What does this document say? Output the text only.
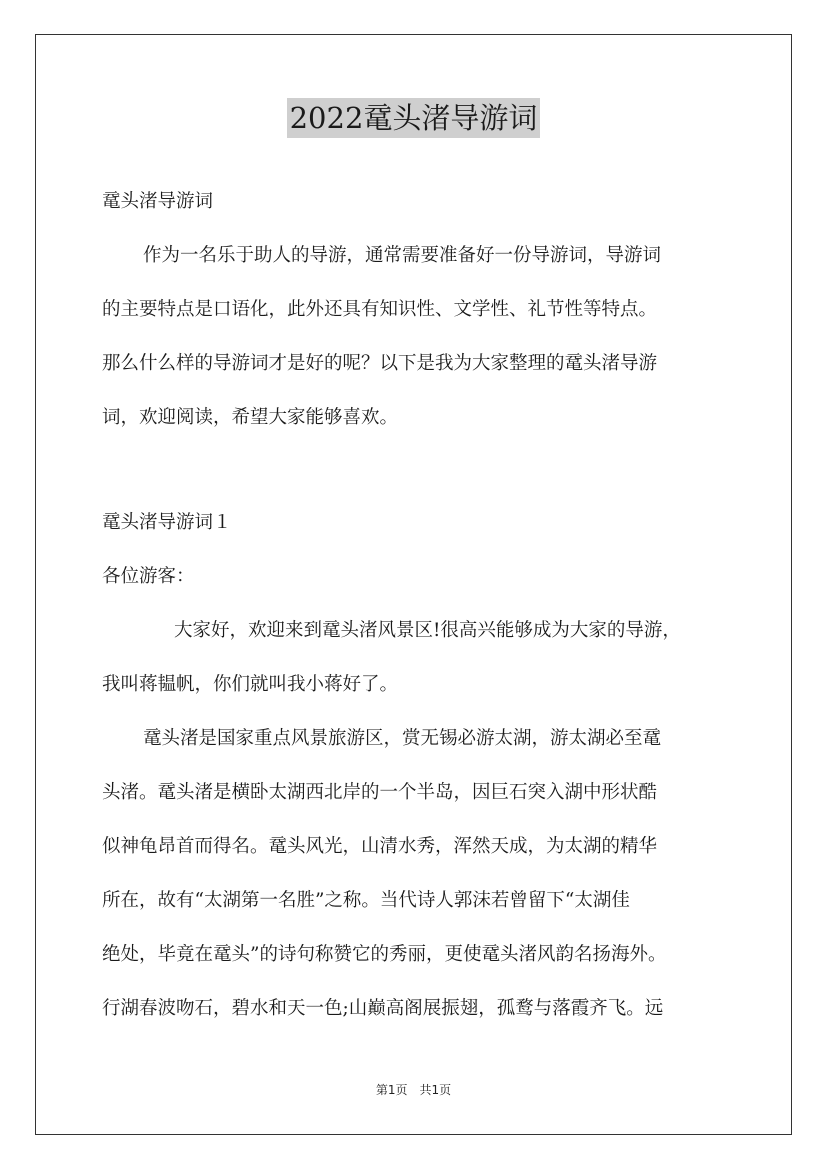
2022鼋头渚导游词
鼋头渚导游词
作为一名乐于助人的导游，通常需要准备好一份导游词，导游词
的主要特点是口语化，此外还具有知识性、文学性、礼节性等特点。
那么什么样的导游词才是好的呢？以下是我为大家整理的鼋头渚导游
词，欢迎阅读，希望大家能够喜欢。
鼋头渚导游词１
各位游客：
大家好，欢迎来到鼋头渚风景区!很高兴能够成为大家的导游，
我叫蒋韫帆，你们就叫我小蒋好了。
鼋头渚是国家重点风景旅游区，赏无锡必游太湖，游太湖必至鼋
头渚。鼋头渚是横卧太湖西北岸的一个半岛，因巨石突入湖中形状酷
似神龟昂首而得名。鼋头风光，山清水秀，浑然天成，为太湖的精华
所在，故有“太湖第一名胜”之称。当代诗人郭沫若曾留下“太湖佳
绝处，毕竟在鼋头”的诗句称赞它的秀丽，更使鼋头渚风韵名扬海外。
行湖春波吻石，碧水和天一色;山巅高阁展振翅，孤鹜与落霞齐飞。远
第1页　共1页
